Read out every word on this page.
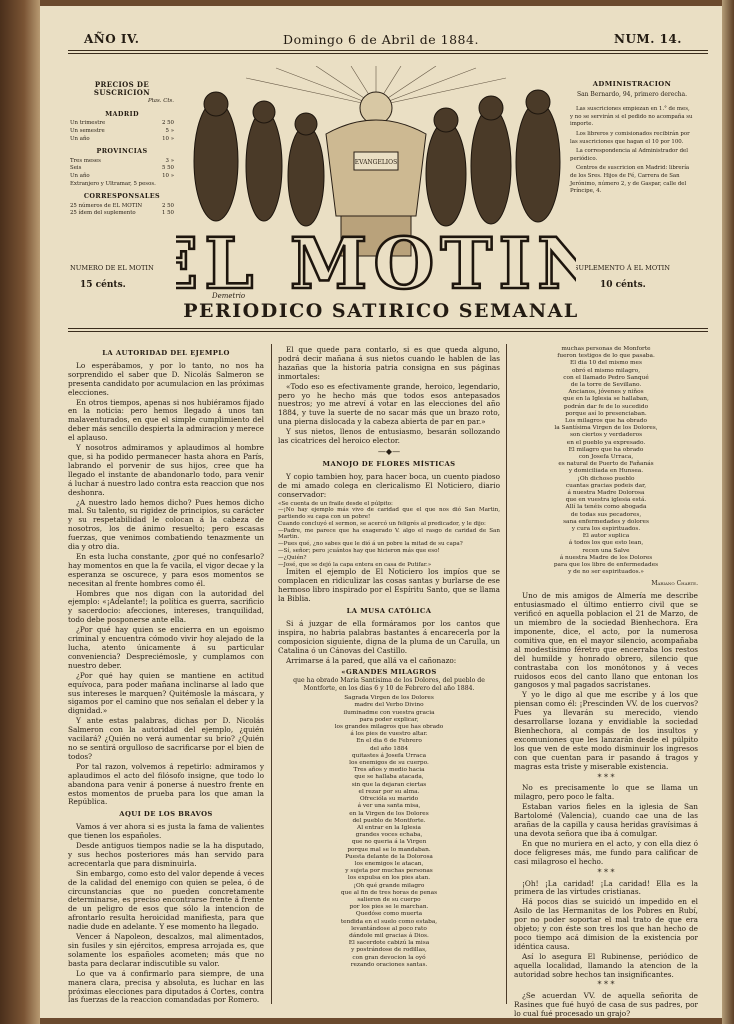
AÑO IV.	Domingo 6 de Abril de 1884.	NUM. 14.
PRECIOS DE SUSCRICION
Ptas. Cts.
MADRID
Un trimestre	2 50
Un semestre	5 »
Un año	10 »
PROVINCIAS
Tres meses	3 »
Seis	5 50
Un año	10 »
Extranjero y Ultramar, 5 pesos.
CORRESPONSALES
25 números de EL MOTIN	2 50
25 ídem del suplemento	1 50
NUMERO DE EL MOTIN
15 cénts.
ADMINISTRACION
San Bernardo, 94, primero derecha.
Las suscriciones empiezan en 1.° de mes, y no se servirán si el pedido no acompaña su importe.
Los libreros y comisionados recibirán por las suscriciones que hagan el 10 por 100.
La correspondencia al Administrador del periódico.
Centros de suscricion en Madrid: librería de los Sres. Hijos de Fé, Carrera de San Jerónimo, número 2, y de Gaspar, calle del Príncipe, 4.
SUPLEMENTO Á EL MOTIN
10 cénts.
EVANGELIOS
L MOTIN
Demetrio
PERIODICO SATIRICO SEMANAL
LA AUTORIDAD DEL EJEMPLO

Lo esperábamos, y por lo tanto, no nos ha sorprendido el saber que D. Nicolás Salmeron se presenta candidato por acumulacion en las próximas elecciones.

En otros tiempos, apenas si nos hubiéramos fijado en la noticia: pero hemos llegado á unos tan malaventurados, en que el simple cumplimiento del deber más sencillo despierta la admiracion y merece el aplauso.

Y nosotros admiramos y aplaudimos al hombre que, si ha podido permanecer hasta ahora en París, labrando el porvenir de sus hijos, cree que ha llegado el instante de abandonarlo todo, para venir á luchar á nuestro lado contra esta reaccion que nos deshonra.

¿A nuestro lado hemos dicho? Pues hemos dicho mal. Su talento, su rigidez de principios, su carácter y su respetabilidad le colocan á la cabeza de nosotros, los de ánimo resuelto; pero escasas fuerzas, que venimos combatiendo tenazmente un dia y otro dia.

En esta lucha constante, ¿por qué no confesarlo? hay momentos en que la fe vacila, el vigor decae y la esperanza se oscurece, y para esos momentos se necesitan al frente hombres como él.

Hombres que nos digan con la autoridad del ejemplo: «¡Adelante!; la política es guerra, sacrificio y sacerdocio: afecciones, intereses, tranquilidad, todo debe posponerse ante ella.

¿Por qué hay quien se encierra en un egoismo criminal y encuentra cómodo vivir hoy alejado de la lucha, atento únicamente á su particular conveniencia? Despreciémosle, y cumplamos con nuestro deber.

¿Por qué hay quien se mantiene en actitud equívoca, para poder mañana inclinarse al lado que sus intereses le marquen? Quitémosle la máscara, y sigamos por el camino que nos señalan el deber y la dignidad.»

Y ante estas palabras, dichas por D. Nicolás Salmeron con la autoridad del ejemplo, ¿quién vacilará? ¿Quién no verá aumentar su brio? ¿Quién no se sentirá orgulloso de sacrificarse por el bien de todos?

Por tal razon, volvemos á repetirlo: admiramos y aplaudimos el acto del filósofo insigne, que todo lo abandona para venir á ponerse á nuestro frente en estos momentos de prueba para los que aman la República.

AQUI DE LOS BRAVOS

Vamos á ver ahora si es justa la fama de valientes que tienen los españoles.

Desde antiguos tiempos nadie se la ha disputado, y sus hechos posteriores más han servido para acrecentarla que para disminuirla.

Sin embargo, como esto del valor depende á veces de la calidad del enemigo con quien se pelea, ó de circunstancias que no pueden concretamente determinarse, es preciso encontrarse frente á frente de un peligro de esos que sólo la intencion de afrontarlo resulta heroicidad manifiesta, para que nadie dude en adelante. Y ese momento ha llegado.

Vencer á Napoleon, descalzos, mal alimentados, sin fusiles y sin ejércitos, empresa arrojada es, que solamente los españoles acometen; más que no basta para declarar indiscutible su valor.

Lo que va á confirmarlo para siempre, de una manera clara, precisa y absoluta, es luchar en las próximas elecciones para diputados á Cortes, contra las fuerzas de la reaccion comandadas por Romero.

El que quede para contarlo, si es que queda alguno, podrá decir mañana á sus nietos cuando le hablen de las hazañas que la historia patria consigna en sus páginas inmortales:

«Todo eso es efectivamente grande, heroico, legendario, pero yo he hecho más que todos esos antepasados nuestros; yo me atreví á votar en las elecciones del año 1884, y tuve la suerte de no sacar más que un brazo roto, una pierna dislocada y la cabeza abierta de par en par.»

Y sus nietos, llenos de entusiasmo, besarán sollozando las cicatrices del heroico elector.

—◆—
MANOJO DE FLORES MÍSTICAS

Y copio tambien hoy, para hacer boca, un cuento piadoso de mi amado colega en clericalismo El Noticiero, diario conservador:

«Se cuenta de un fraile desde el púlpito:
—¡No hay ejemplo más vivo de caridad que el que nos dió San Martin, partiendo su capa con un pobre!
Cuando concluyó el sermon, se acercó un feligrés al predicador, y le dijo:
—Padre, me parece que ha exagerado V. algo el rasgo de caridad de San Martin.
—Pues qué, ¿no sabes que le dió á un pobre la mitad de su capa?
—Sí, señor; pero ¡cuántos hay que hicieron más que eso!
—¿Quién?
—José, que se dejó la capa entera en casa de Putifar.»

Imiten el ejemplo de El Noticiero los impíos que se complacen en ridiculizar las cosas santas y burlarse de ese hermoso libro inspirado por el Espíritu Santo, que se llama la Biblia.

LA MUSA CATÓLICA

Si á juzgar de ella formáramos por los cantos que inspira, no habria palabras bastantes á encarecerla por la composicion siguiente, digna de la pluma de un Carulla, un Catalina ó un Cánovas del Castillo.

Arrimarse á la pared, que allá va el cañonazo:

«GRANDES MILAGROS
que ha obrado María Santísima de los Dolores, del pueblo de Montforte, en los dias 6 y 10 de Febrero del año 1884.
Sagrada Virgen de los Dolores
madre del Verbo Divino
iluminadme con vuestra gracia
para poder explicar,
los grandes milagros que has obrado
á los pies de vuestro altar.
En el dia 6 de Febrero
del año 1884
quitastes á Josefa Urraca
los enemigos de su cuerpo.
Tres años y medio hacia
que se hallaba atacada,
sin que la dejaran ciertas
el rezar por su alma.
Ofrecióla su marido
á ver una santa misa,
en la Virgen de los Dolores
del pueblo de Montforte.
Al entrar en la Iglesia
grandes voces echaba,
que no queria á la Virgen
porque mal se lo mandaban.
Puesta delante de la Dolorosa
los enemigos le atacan,
y sujeta por muchas personas
los expulsa en los pies atan.
¡Oh qué grande milagro
que al fin de tres horas de penas
salieron de su cuerpo
por los pies se le marchan.
Quedóse como muerta
tendida en el suelo como estaba,
levantándose al poco rato
dándole mil gracias á Dios.
El sacerdote cabizú la misa
y postrándose de rodillas,
con gran devocion la oyó
rezando oraciones santas.
muchas personas de Monforte
fueron testigos de lo que pasaba.
El dia 10 del mismo mes
obró el mismo milagro,
con el llamado Pedro Sanqué
de la torre de Sevillano.
Ancianos, jóvenes y niños
que en la Iglesia se hallaban,
podrán dar fe de lo sucedido
porque así lo presenciaban.
Los milagros que ha obrado
la Santísima Virgen de los Dolores,
son ciertos y verdaderos
en el pueblo ya expresado.
El milagro que ha obrado
con Josefa Urraca,
es natural de Puerto de Fañanás
y domiciliada en Hunsea.
¡Oh dichoso pueblo
cuantas gracias podeis dar,
á nuestra Madre Dolorosa
que en vuestra iglesia está.
Allí la tenéis como abogada
de todas sus pecadores,
sana enfermedades y dolores
y cura los espirituados.
El autor suplica
á todos los que esto lean,
recen una Salve
á nuestra Madre de los Dolores
para que los libre de enfermedades
y de no ser espirituados.»
Mariano Charte.

Uno de mis amigos de Almería me describe entusiasmado el último entierro civil que se verificó en aquella poblacion el 21 de Marzo, de un miembro de la sociedad Bienhechora. Era imponente, dice, el acto, por la numerosa comitiva que, en el mayor silencio, acompañaba al modestísimo féretro que encerraba los restos del humilde y honrado obrero, silencio que contrastaba con los monótonos y á veces ruidosos ecos del canto llano que entonan los gangosos y mal pagados sacristanes.

Y yo le digo al que me escribe y á los que piensan como él: ¡Prescinden VV. de los cuervos? Pues ya llevarán su merecido, viendo desarrollarse lozana y envidiable la sociedad Bienhechora, al compás de los insultos y excomuniones que les lanzarán desde el púlpito los que ven de este modo disminuir los ingresos con que cuentan para ir pasando á tragos y magras esta triste y miserable existencia.

* * *

No es precisamente lo que se llama un milagro, pero poco le falta.

Estaban varios fieles en la iglesia de San Bartolomé (Valencia), cuando cae una de las arañas de la capilla y causa heridas gravísimas á una devota señora que iba á comulgar.

En que no muriera en el acto, y con ella diez ó doce feligreses más, me fundo para calificar de casi milagroso el hecho.

* * *

¡Oh! ¡La caridad! ¡La caridad! Ella es la primera de las virtudes cristianas.

Há pocos dias se suicidó un impedido en el Asilo de las Hermanitas de los Pobres en Rubí, por no poder soportar el mal trato de que era objeto; y con éste son tres los que han hecho de poco tiempo acá dimision de la existencia por idéntica causa.

Así lo asegura El Rubinense, periódico de aquella localidad, llamando la atencion de la autoridad sobre hechos tan insignificantes.

* * *

¿Se acuerdan VV. de aquella señorita de Rasines que fué huyó de casa de sus padres, por lo cual fué procesado un grajo?
